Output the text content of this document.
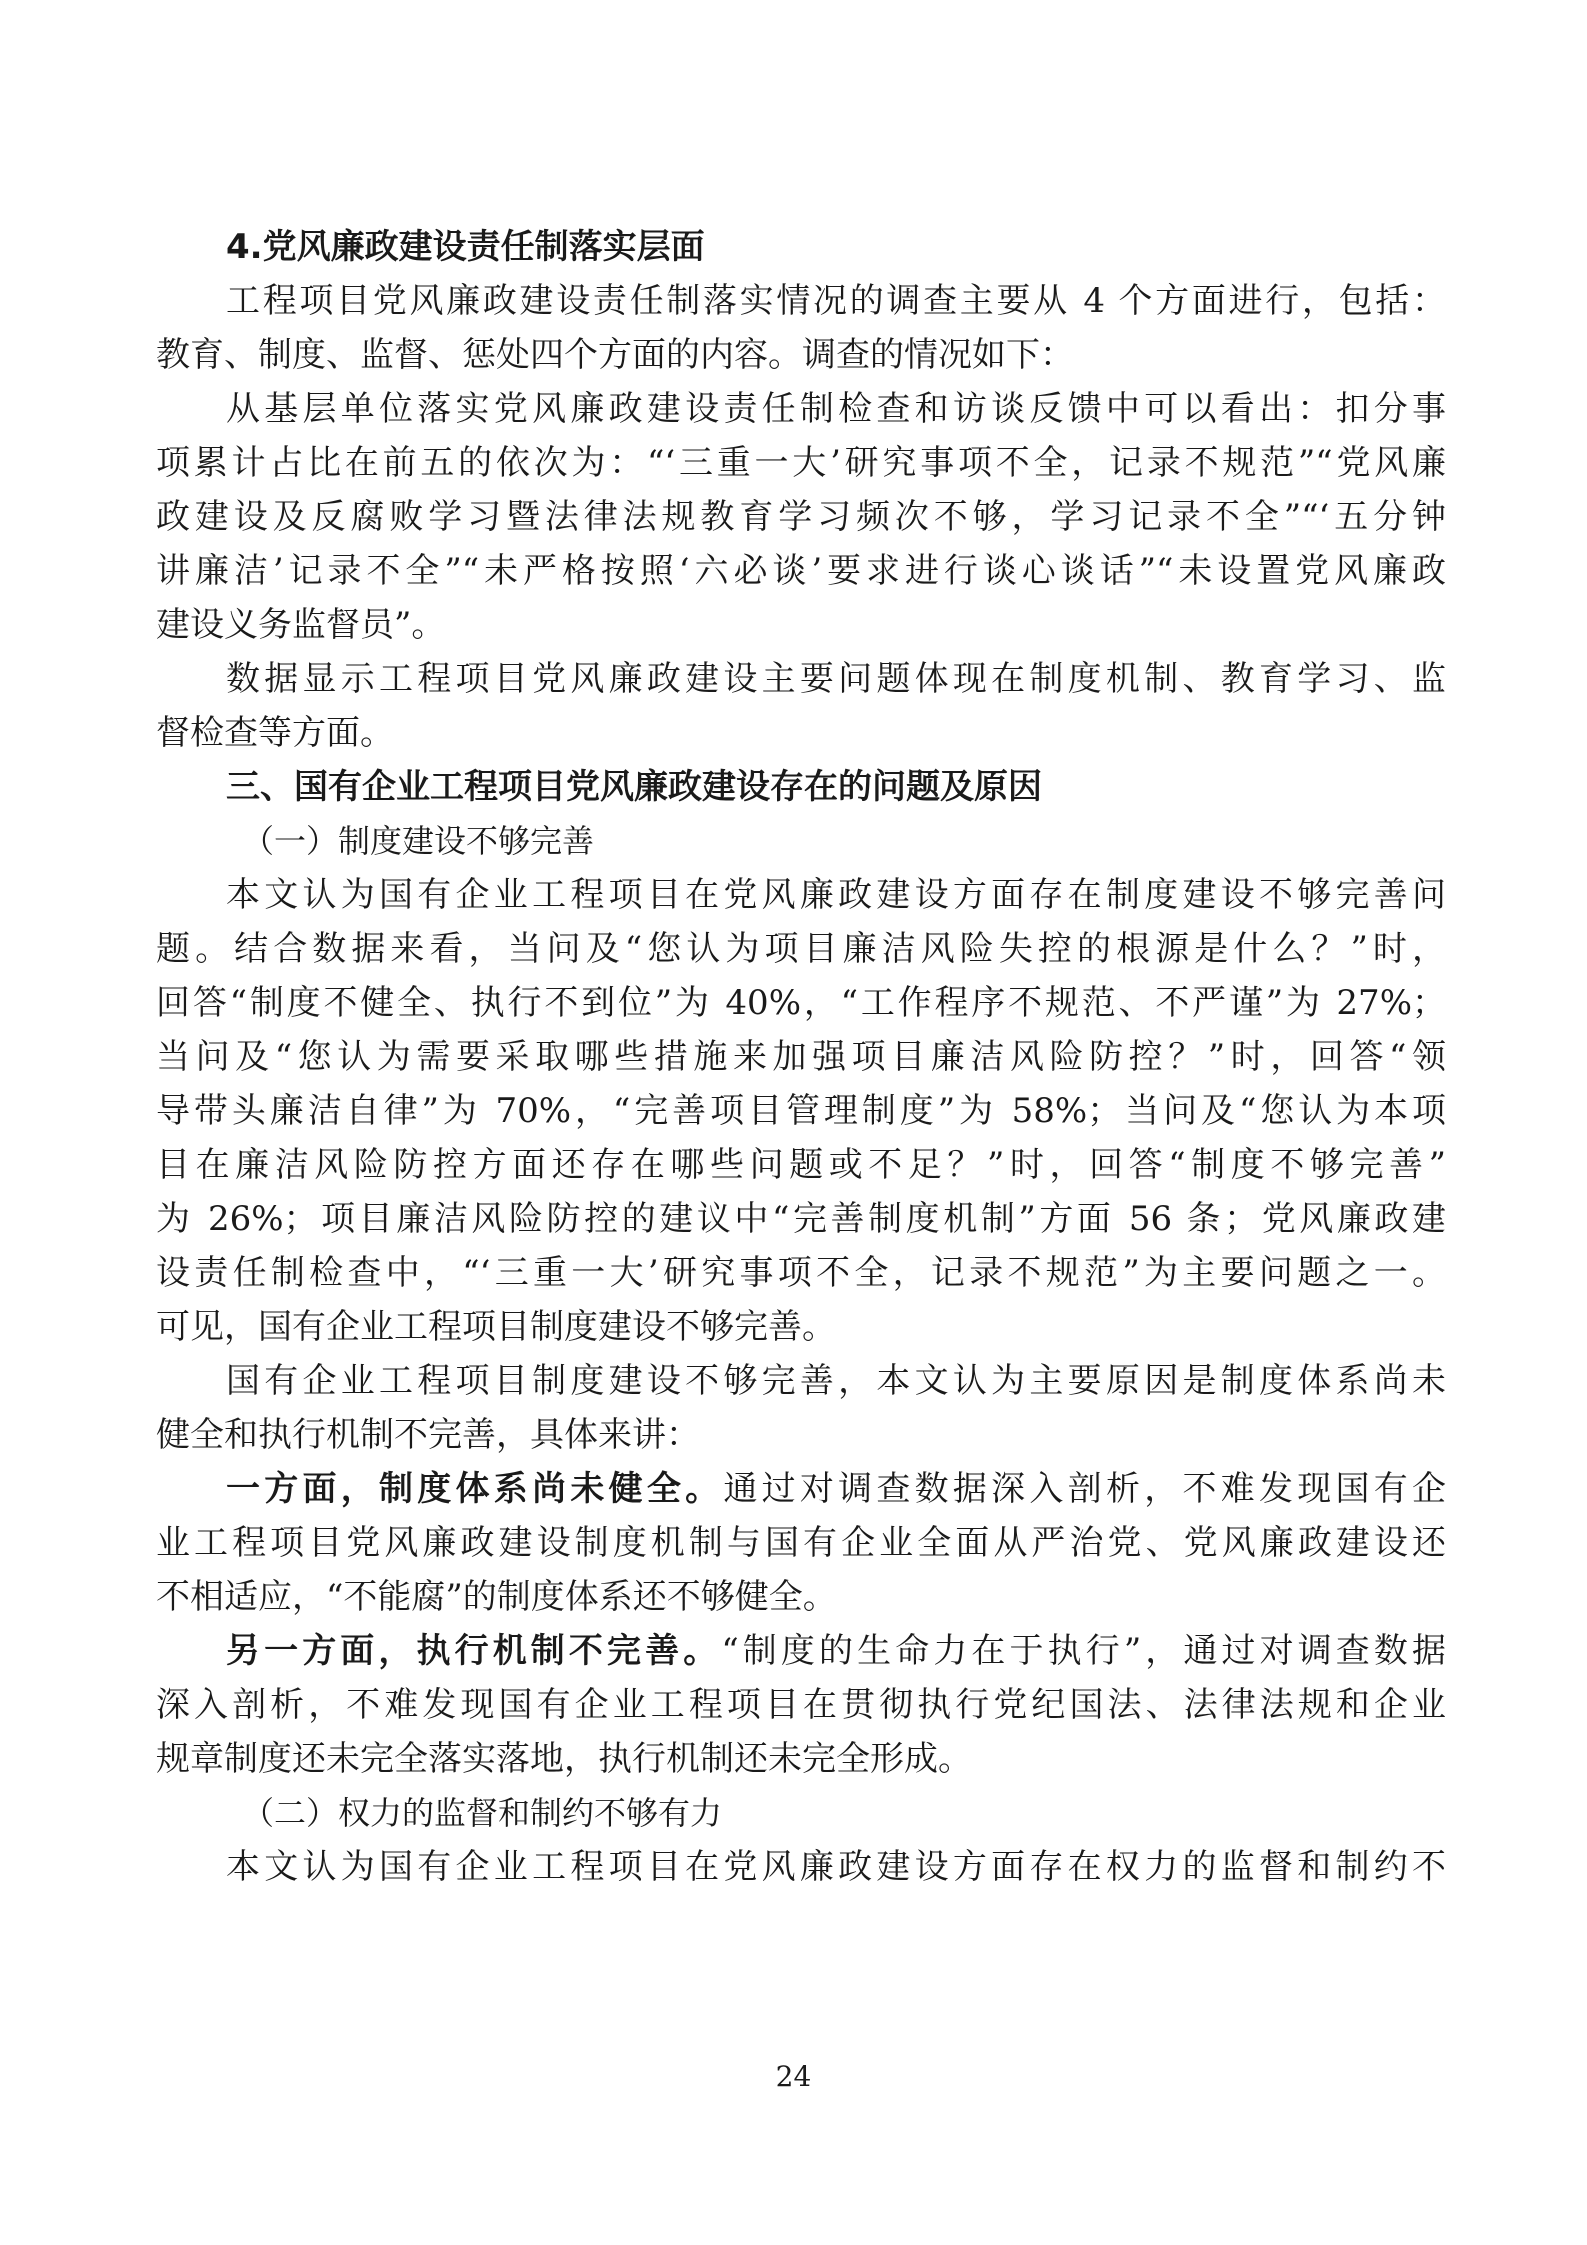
4.党风廉政建设责任制落实层面
工程项目党风廉政建设责任制落实情况的调查主要从 4 个方面进行，包括：
教育、制度、监督、惩处四个方面的内容。调查的情况如下：
从基层单位落实党风廉政建设责任制检查和访谈反馈中可以看出：扣分事
项累计占比在前五的依次为：“‘三重一大’研究事项不全，记录不规范”“党风廉
政建设及反腐败学习暨法律法规教育学习频次不够，学习记录不全”“‘五分钟
讲廉洁’记录不全”“未严格按照‘六必谈’要求进行谈心谈话”“未设置党风廉政
建设义务监督员”。
数据显示工程项目党风廉政建设主要问题体现在制度机制、教育学习、监
督检查等方面。
三、国有企业工程项目党风廉政建设存在的问题及原因
（一）制度建设不够完善
本文认为国有企业工程项目在党风廉政建设方面存在制度建设不够完善问
题。结合数据来看，当问及“您认为项目廉洁风险失控的根源是什么？”时，
回答“制度不健全、执行不到位”为 40%，“工作程序不规范、不严谨”为 27%；
当问及“您认为需要采取哪些措施来加强项目廉洁风险防控？”时，回答“领
导带头廉洁自律”为 70%，“完善项目管理制度”为 58%；当问及“您认为本项
目在廉洁风险防控方面还存在哪些问题或不足？”时，回答“制度不够完善”
为 26%；项目廉洁风险防控的建议中“完善制度机制”方面 56 条；党风廉政建
设责任制检查中，“‘三重一大’研究事项不全，记录不规范”为主要问题之一。
可见，国有企业工程项目制度建设不够完善。
国有企业工程项目制度建设不够完善，本文认为主要原因是制度体系尚未
健全和执行机制不完善，具体来讲：
一方面，制度体系尚未健全。通过对调查数据深入剖析，不难发现国有企
业工程项目党风廉政建设制度机制与国有企业全面从严治党、党风廉政建设还
不相适应，“不能腐”的制度体系还不够健全。
另一方面，执行机制不完善。“制度的生命力在于执行”，通过对调查数据
深入剖析，不难发现国有企业工程项目在贯彻执行党纪国法、法律法规和企业
规章制度还未完全落实落地，执行机制还未完全形成。
（二）权力的监督和制约不够有力
本文认为国有企业工程项目在党风廉政建设方面存在权力的监督和制约不
24
